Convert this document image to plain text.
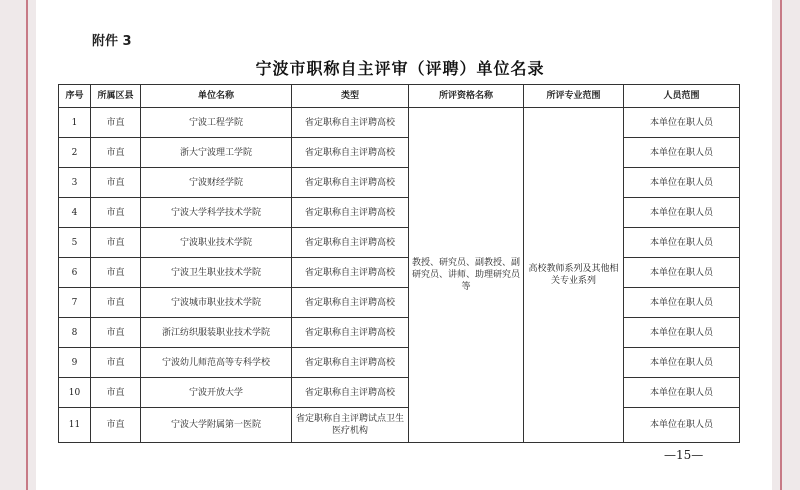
附件 3
宁波市职称自主评审（评聘）单位名录
序号	所属区县	单位名称	类型	所评资格名称	所评专业范围	人员范围
1	市直	宁波工程学院	省定职称自主评聘高校	教授、研究员、副教授、副研究员、讲师、助理研究员等	高校教师系列及其他相关专业系列	本单位在职人员
2	市直	浙大宁波理工学院	省定职称自主评聘高校			本单位在职人员
3	市直	宁波财经学院	省定职称自主评聘高校			本单位在职人员
4	市直	宁波大学科学技术学院	省定职称自主评聘高校			本单位在职人员
5	市直	宁波职业技术学院	省定职称自主评聘高校			本单位在职人员
6	市直	宁波卫生职业技术学院	省定职称自主评聘高校			本单位在职人员
7	市直	宁波城市职业技术学院	省定职称自主评聘高校			本单位在职人员
8	市直	浙江纺织服装职业技术学院	省定职称自主评聘高校			本单位在职人员
9	市直	宁波幼儿师范高等专科学校	省定职称自主评聘高校			本单位在职人员
10	市直	宁波开放大学	省定职称自主评聘高校			本单位在职人员
11	市直	宁波大学附属第一医院	省定职称自主评聘试点卫生医疗机构			本单位在职人员
—15—
